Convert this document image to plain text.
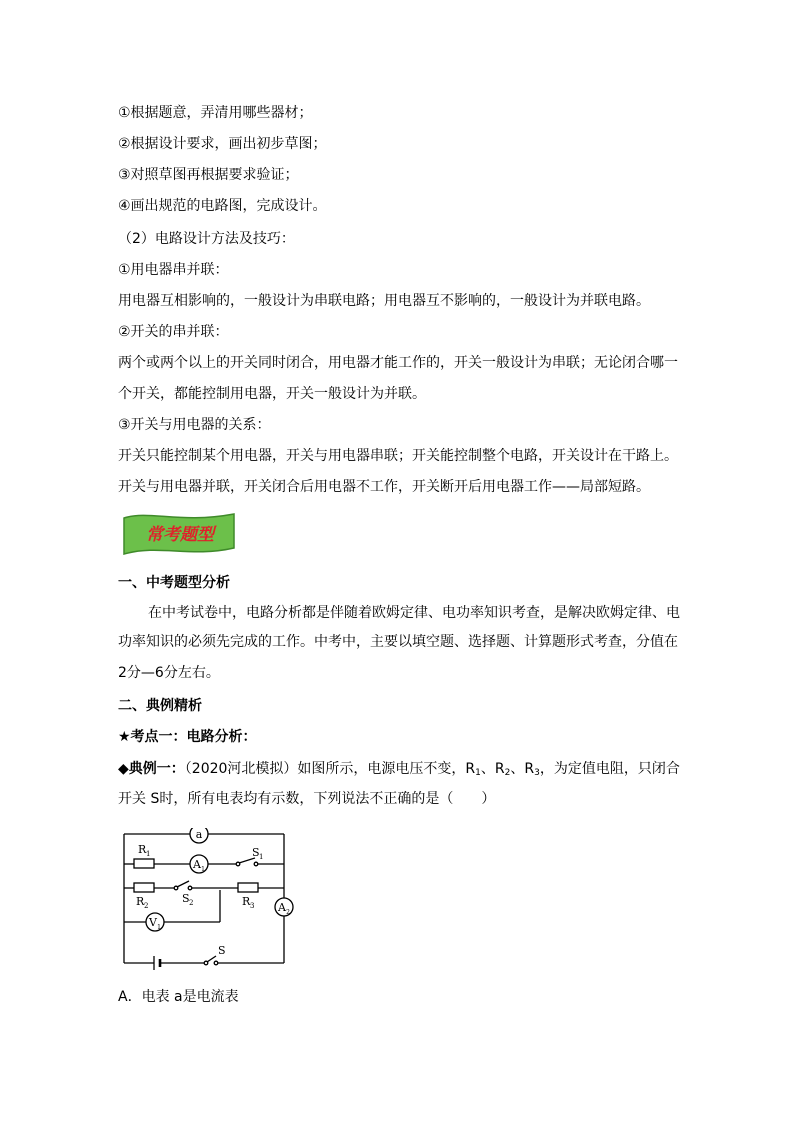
①根据题意，弄清用哪些器材；
②根据设计要求，画出初步草图；
③对照草图再根据要求验证；
④画出规范的电路图，完成设计。
（2）电路设计方法及技巧：
①用电器串并联：
用电器互相影响的，一般设计为串联电路；用电器互不影响的，一般设计为并联电路。
②开关的串并联：
两个或两个以上的开关同时闭合，用电器才能工作的，开关一般设计为串联；无论闭合哪一
个开关，都能控制用电器，开关一般设计为并联。
③开关与用电器的关系：
开关只能控制某个用电器，开关与用电器串联；开关能控制整个电路，开关设计在干路上。
开关与用电器并联，开关闭合后用电器不工作，开关断开后用电器工作——局部短路。
常考题型
一、中考题型分析
在中考试卷中，电路分析都是伴随着欧姆定律、电功率知识考查，是解决欧姆定律、电
功率知识的必须先完成的工作。中考中，主要以填空题、选择题、计算题形式考查，分值在
2分—6分左右。
二、典例精析
★考点一：电路分析：
◆典例一：（2020河北模拟）如图所示，电源电压不变，$R_1$、$R_2$、$R_3$，为定值电阻，只闭合
开关 S时，所有电表均有示数，下列说法不正确的是（　　）
a
A 1
A 2
V 1
R 1
R 2	R 3
S 1
S 2
S
A．电表 a是电流表
